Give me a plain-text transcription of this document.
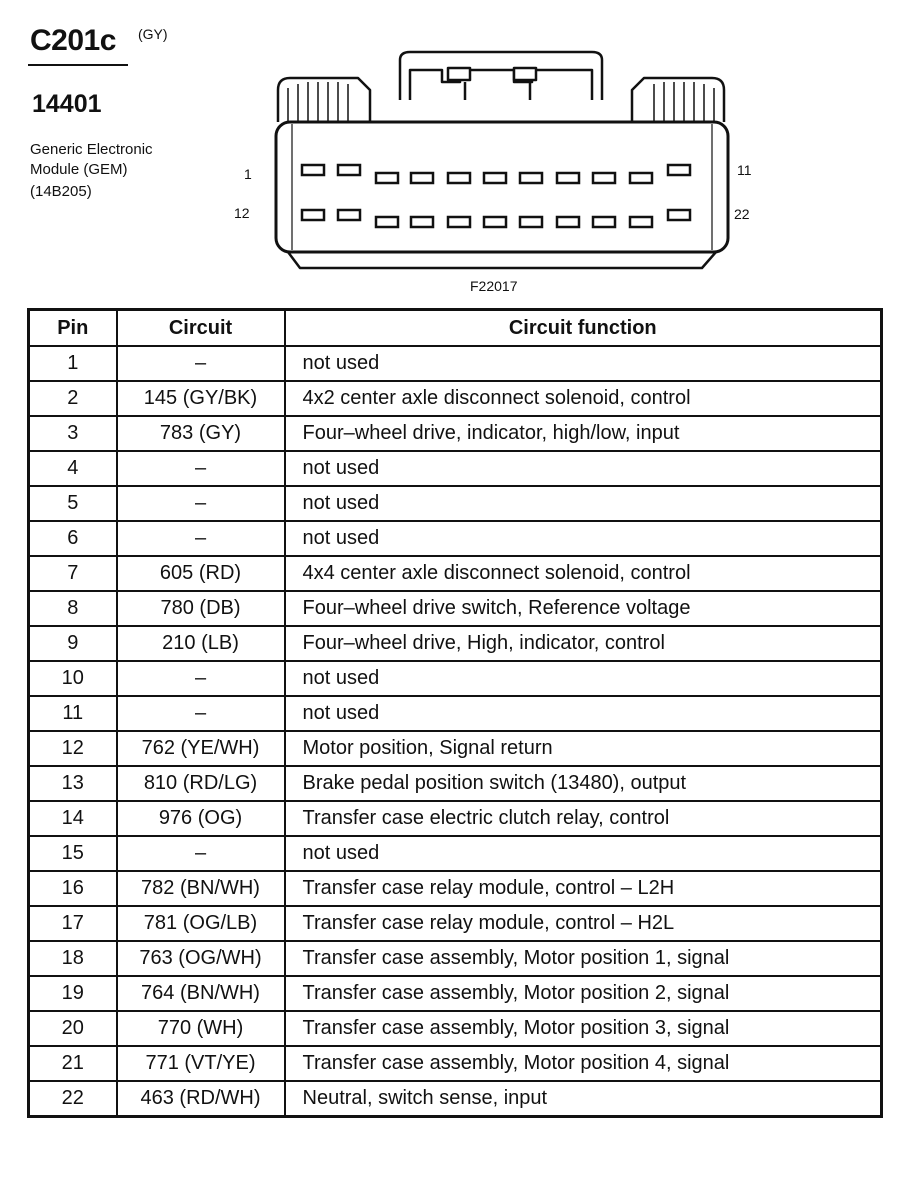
C201c (GY)
14401
Generic Electronic
Module (GEM)
(14B205)
1
12
11
22
F22017
Pin	Circuit	Circuit function
1	–	not used
2	145 (GY/BK)	4x2 center axle disconnect solenoid, control
3	783 (GY)	Four–wheel drive, indicator, high/low, input
4	–	not used
5	–	not used
6	–	not used
7	605 (RD)	4x4 center axle disconnect solenoid, control
8	780 (DB)	Four–wheel drive switch, Reference voltage
9	210 (LB)	Four–wheel drive, High, indicator, control
10	–	not used
11	–	not used
12	762 (YE/WH)	Motor position, Signal return
13	810 (RD/LG)	Brake pedal position switch (13480), output
14	976 (OG)	Transfer case electric clutch relay, control
15	–	not used
16	782 (BN/WH)	Transfer case relay module, control – L2H
17	781 (OG/LB)	Transfer case relay module, control – H2L
18	763 (OG/WH)	Transfer case assembly, Motor position 1, signal
19	764 (BN/WH)	Transfer case assembly, Motor position 2, signal
20	770 (WH)	Transfer case assembly, Motor position 3, signal
21	771 (VT/YE)	Transfer case assembly, Motor position 4, signal
22	463 (RD/WH)	Neutral, switch sense, input
